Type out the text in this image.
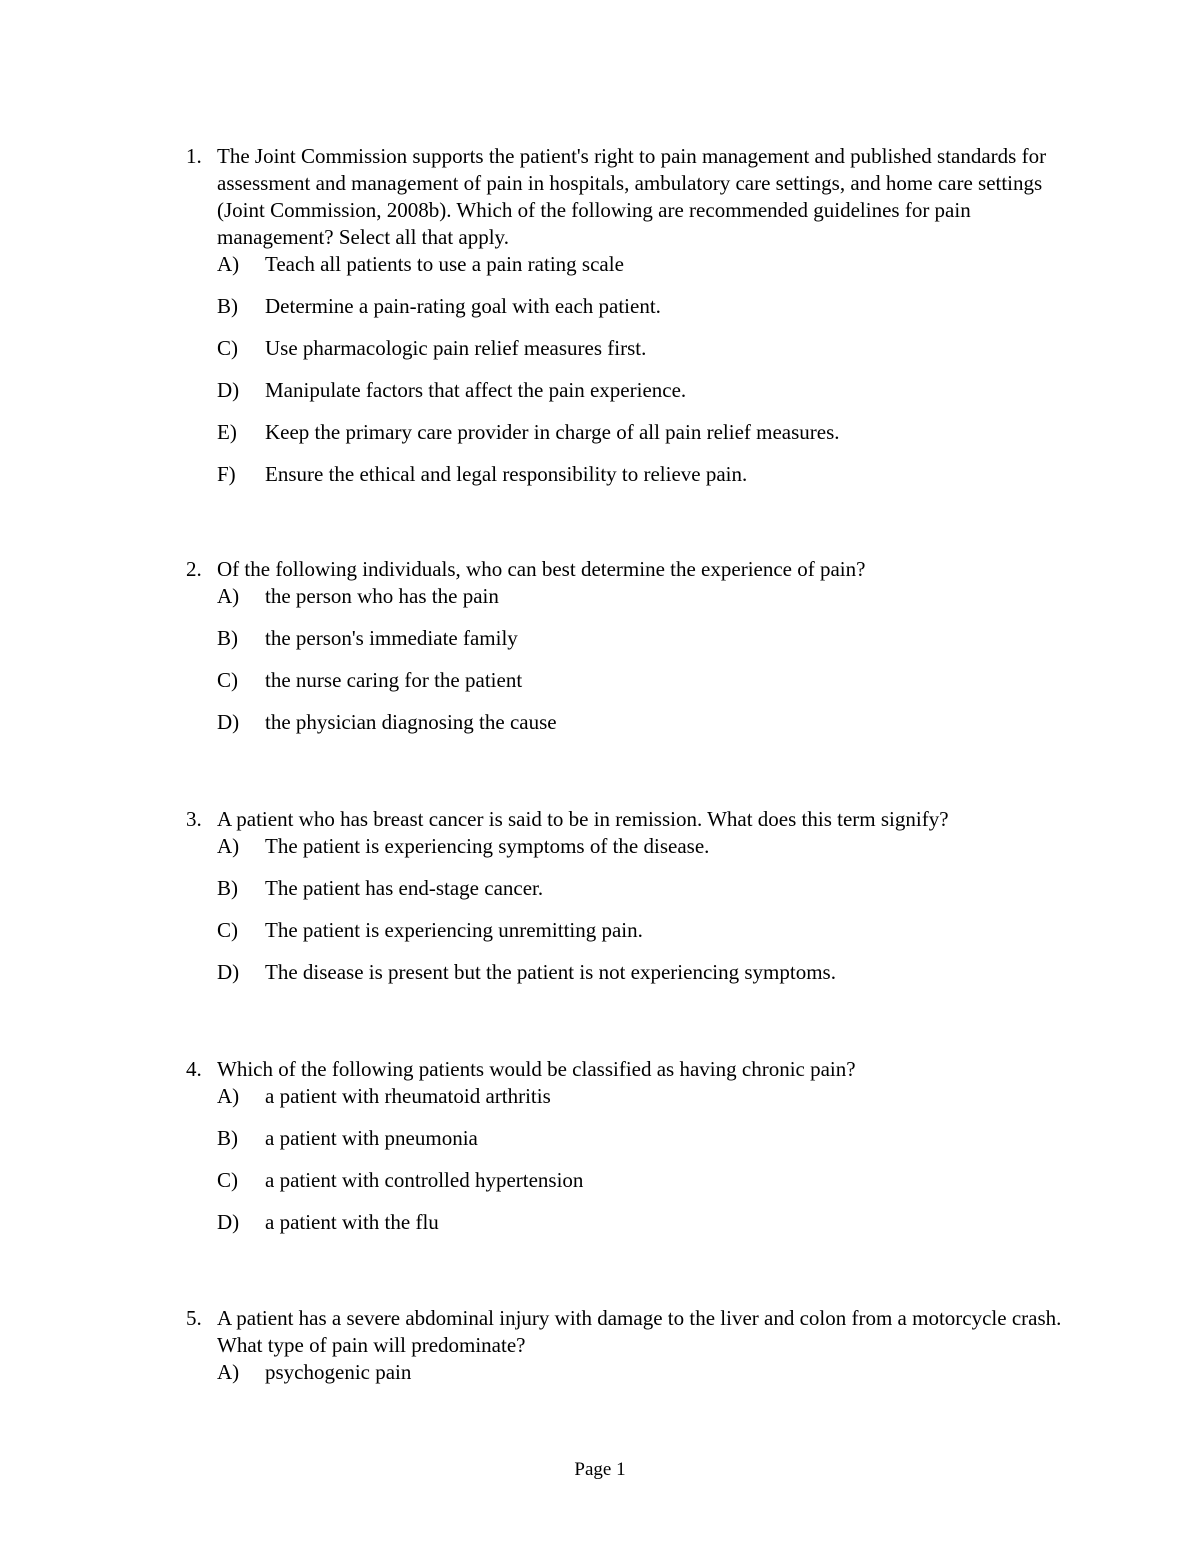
1. The Joint Commission supports the patient's right to pain management and published standards for assessment and management of pain in hospitals, ambulatory care settings, and home care settings (Joint Commission, 2008b). Which of the following are recommended guidelines for pain management? Select all that apply.
A)	Teach all patients to use a pain rating scale
B)	Determine a pain-rating goal with each patient.
C)	Use pharmacologic pain relief measures first.
D)	Manipulate factors that affect the pain experience.
E)	Keep the primary care provider in charge of all pain relief measures.
F)	Ensure the ethical and legal responsibility to relieve pain.
2. Of the following individuals, who can best determine the experience of pain?
A)	the person who has the pain
B)	the person's immediate family
C)	the nurse caring for the patient
D)	the physician diagnosing the cause
3. A patient who has breast cancer is said to be in remission. What does this term signify?
A)	The patient is experiencing symptoms of the disease.
B)	The patient has end-stage cancer.
C)	The patient is experiencing unremitting pain.
D)	The disease is present but the patient is not experiencing symptoms.
4. Which of the following patients would be classified as having chronic pain?
A)	a patient with rheumatoid arthritis
B)	a patient with pneumonia
C)	a patient with controlled hypertension
D)	a patient with the flu
5. A patient has a severe abdominal injury with damage to the liver and colon from a motorcycle crash. What type of pain will predominate?
A)	psychogenic pain
Page 1
